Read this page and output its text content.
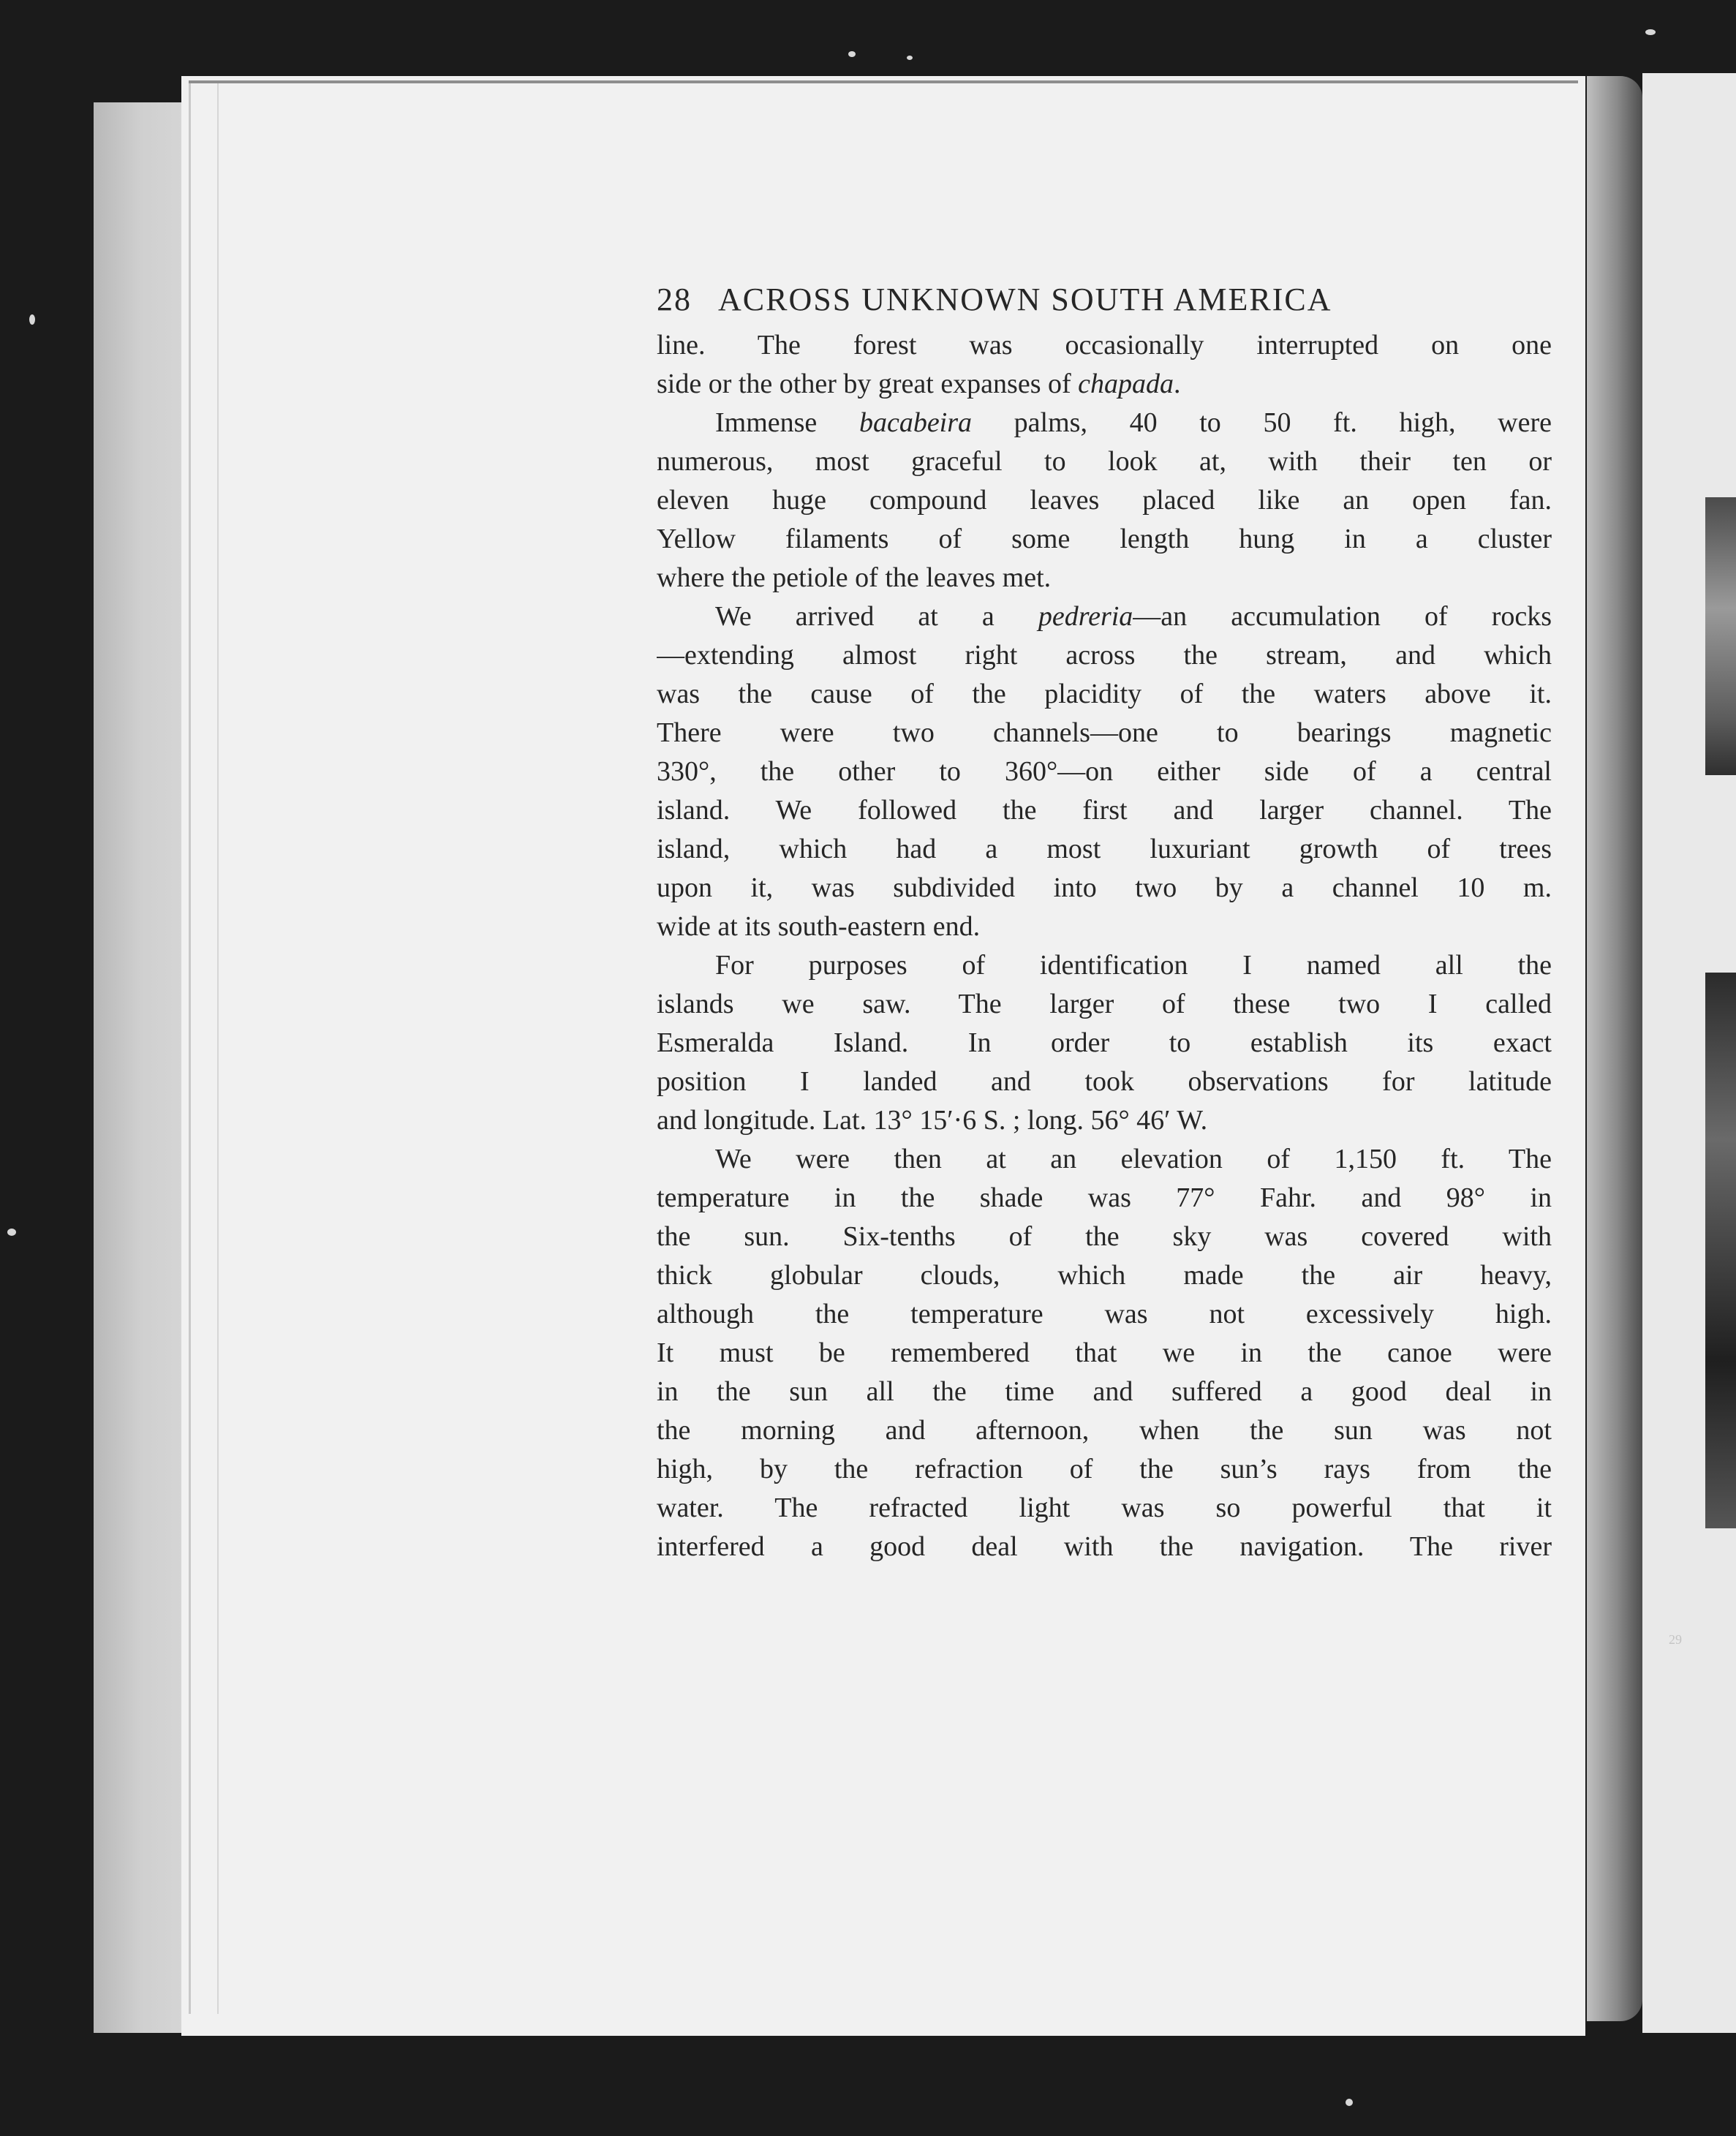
29
28 ACROSS UNKNOWN SOUTH AMERICA
line. The forest was occasionally interrupted on one
side or the other by great expanses of chapada.
Immense bacabeira palms, 40 to 50 ft. high, were
numerous, most graceful to look at, with their ten or
eleven huge compound leaves placed like an open fan.
Yellow filaments of some length hung in a cluster
where the petiole of the leaves met.
We arrived at a pedreria—an accumulation of rocks
—extending almost right across the stream, and which
was the cause of the placidity of the waters above it.
There were two channels—one to bearings magnetic
330°, the other to 360°—on either side of a central
island. We followed the first and larger channel. The
island, which had a most luxuriant growth of trees
upon it, was subdivided into two by a channel 10 m.
wide at its south-eastern end.
For purposes of identification I named all the
islands we saw. The larger of these two I called
Esmeralda Island. In order to establish its exact
position I landed and took observations for latitude
and longitude. Lat. 13° 15′·6 S. ; long. 56° 46′ W.
We were then at an elevation of 1,150 ft. The
temperature in the shade was 77° Fahr. and 98° in
the sun. Six-tenths of the sky was covered with
thick globular clouds, which made the air heavy,
although the temperature was not excessively high.
It must be remembered that we in the canoe were
in the sun all the time and suffered a good deal in
the morning and afternoon, when the sun was not
high, by the refraction of the sun’s rays from the
water. The refracted light was so powerful that it
interfered a good deal with the navigation. The river
